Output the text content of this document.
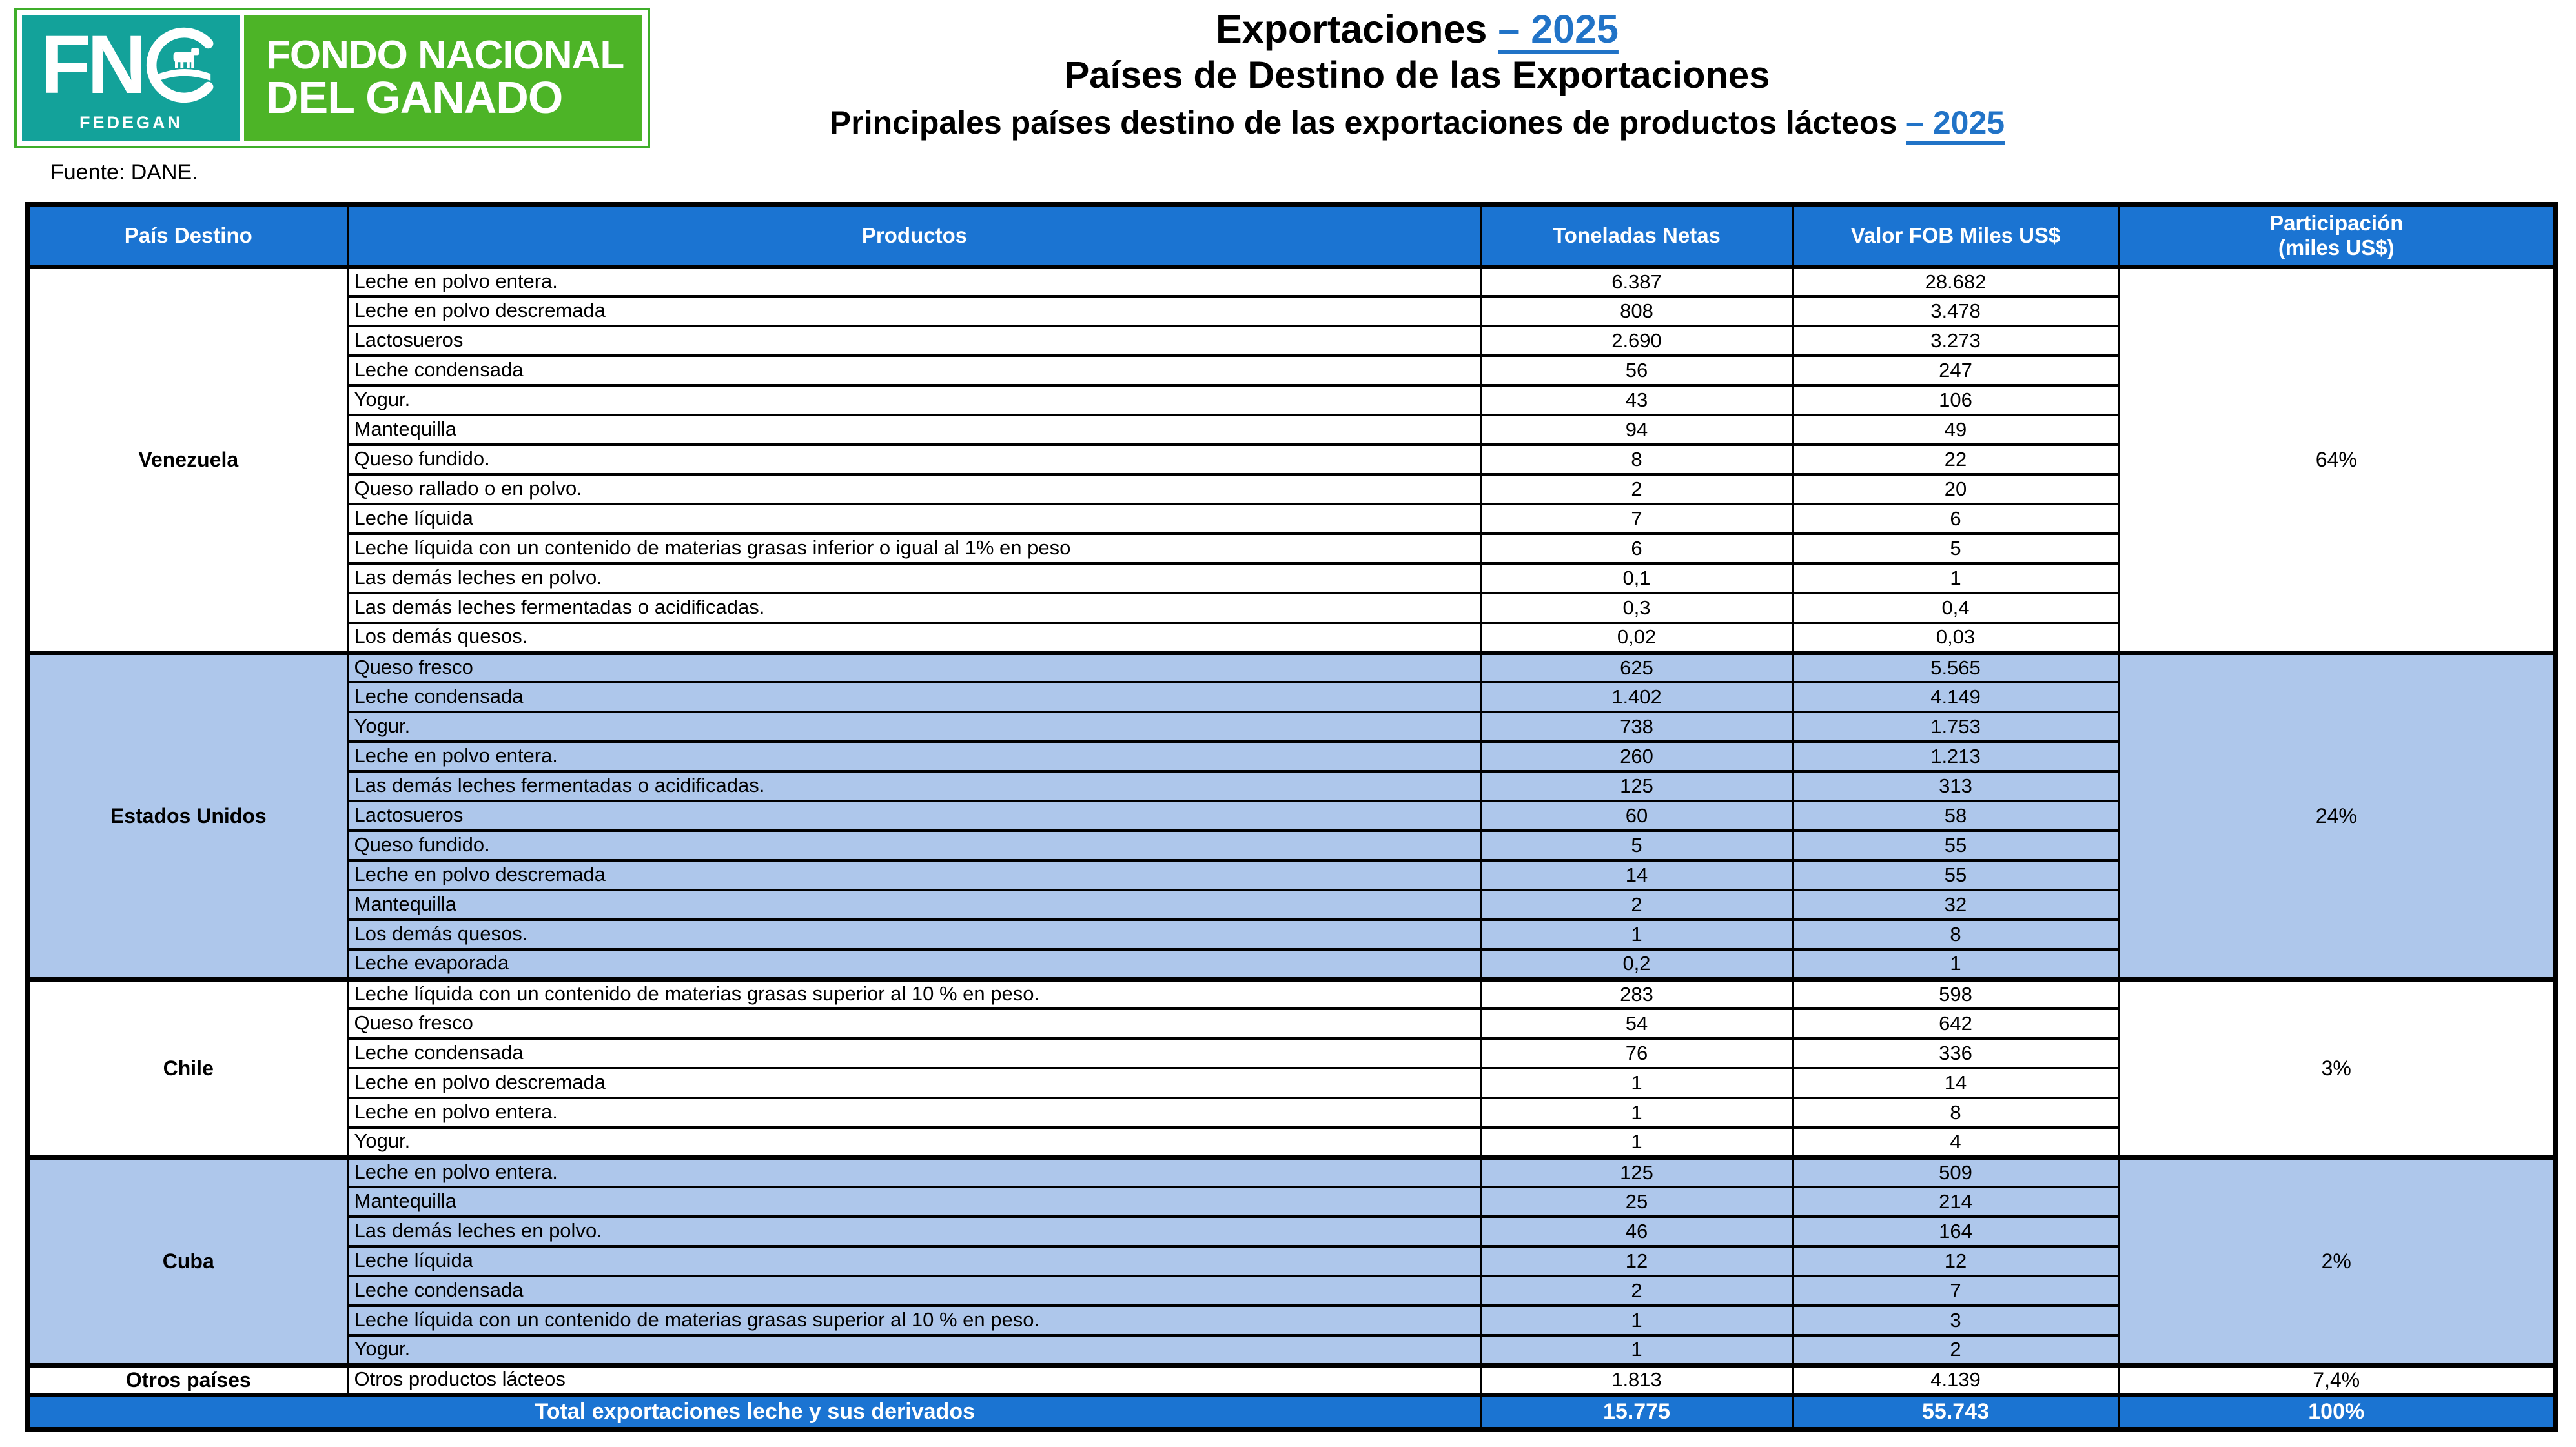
FN
FEDEGAN
FONDO NACIONAL
DEL GANADO
Fuente: DANE.
Exportaciones – 2025
Países de Destino de las Exportaciones
Principales países destino de las exportaciones de productos lácteos – 2025
País Destino	Productos	Toneladas Netas	Valor FOB Miles US$	Participación
(miles US$)

Venezuela	Leche en polvo entera.	6.387	28.682	64%
	Leche en polvo descremada	808	3.478	
	Lactosueros	2.690	3.273	
	Leche condensada	56	247	
	Yogur.	43	106	
	Mantequilla	94	49	
	Queso fundido.	8	22	
	Queso rallado o en polvo.	2	20	
	Leche líquida	7	6	
	Leche líquida con un contenido de materias grasas inferior o igual al 1% en peso	6	5	
	Las demás leches en polvo.	0,1	1	
	Las demás leches fermentadas o acidificadas.	0,3	0,4	
	Los demás quesos.	0,02	0,03	
Estados Unidos	Queso fresco	625	5.565	24%
	Leche condensada	1.402	4.149	
	Yogur.	738	1.753	
	Leche en polvo entera.	260	1.213	
	Las demás leches fermentadas o acidificadas.	125	313	
	Lactosueros	60	58	
	Queso fundido.	5	55	
	Leche en polvo descremada	14	55	
	Mantequilla	2	32	
	Los demás quesos.	1	8	
	Leche evaporada	0,2	1	
Chile	Leche líquida con un contenido de materias grasas superior al 10 % en peso.	283	598	3%
	Queso fresco	54	642	
	Leche condensada	76	336	
	Leche en polvo descremada	1	14	
	Leche en polvo entera.	1	8	
	Yogur.	1	4	
Cuba	Leche en polvo entera.	125	509	2%
	Mantequilla	25	214	
	Las demás leches en polvo.	46	164	
	Leche líquida	12	12	
	Leche condensada	2	7	
	Leche líquida con un contenido de materias grasas superior al 10 % en peso.	1	3	
	Yogur.	1	2	
Otros países	Otros productos lácteos	1.813	4.139	7,4%
Total exportaciones leche y sus derivados		15.775	55.743	100%
